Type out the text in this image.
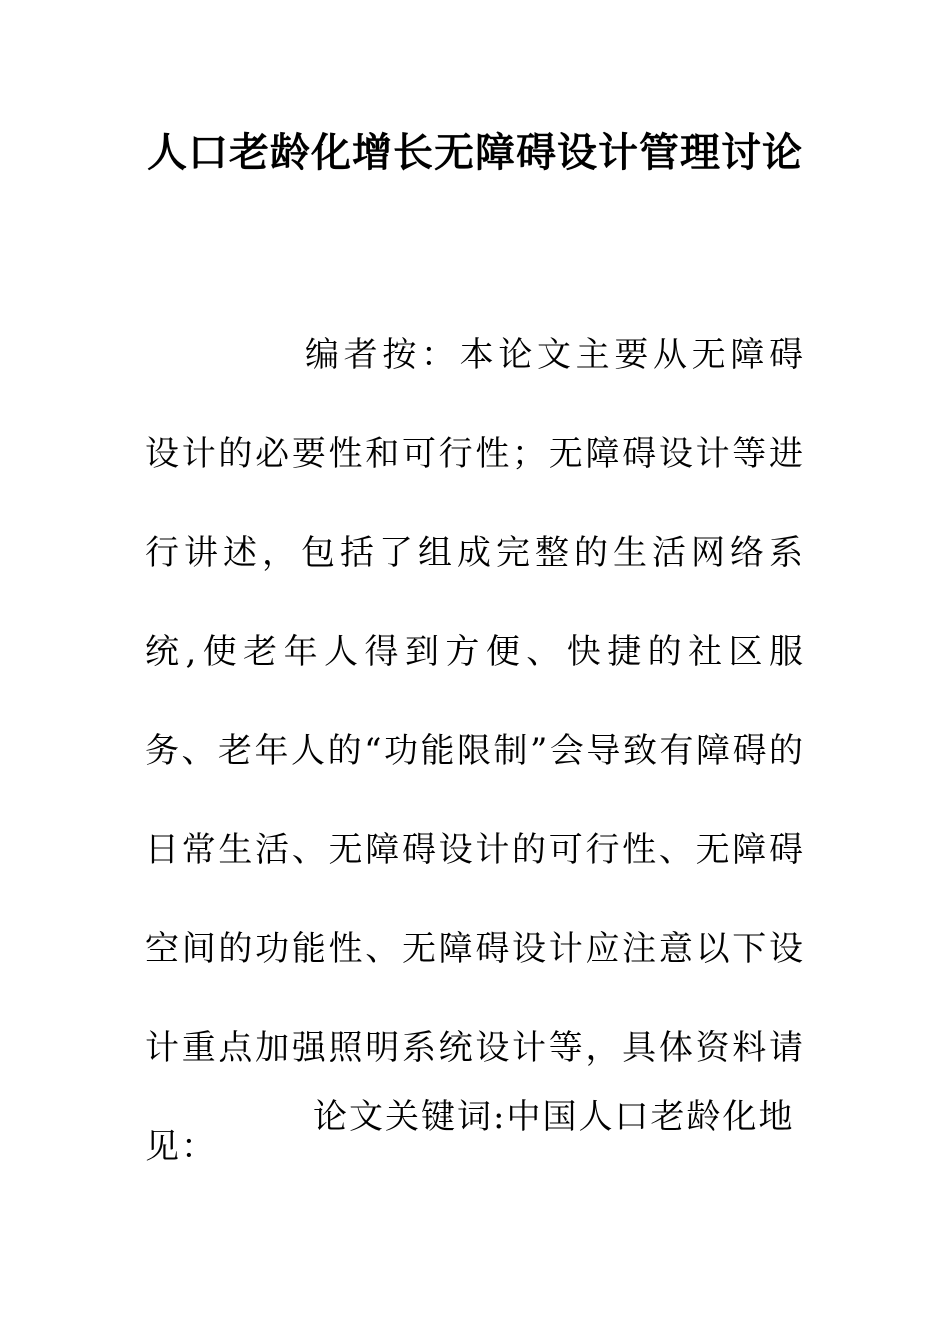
人口老龄化增长无障碍设计管理讨论

编者按：本论文主要从无障碍设计的必要性和可行性；无障碍设计等进行讲述，包括了组成完整的生活网络系统,使老年人得到方便、快捷的社区服务、老年人的“功能限制”会导致有障碍的日常生活、无障碍设计的可行性、无障碍空间的功能性、无障碍设计应注意以下设计重点加强照明系统设计等，具体资料请见：

论文关键词:中国人口老龄化地
